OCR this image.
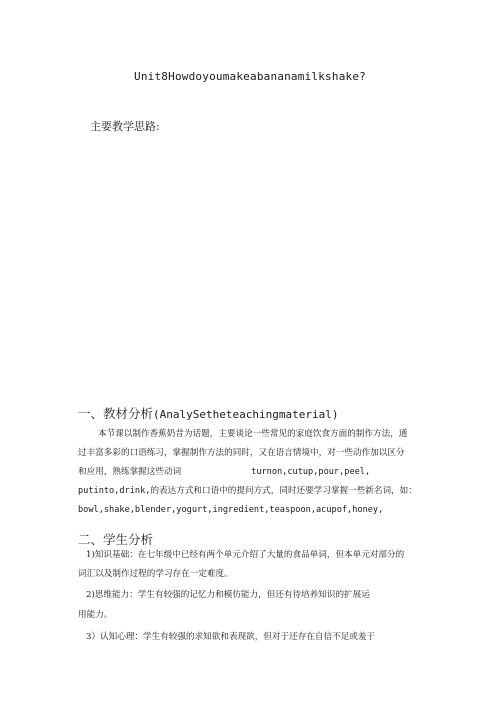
Unit8Howdoyoumakeabananamilkshake?
主要教学思路:
一、教材分析(AnalySetheteachingmaterial)
本节课以制作香蕉奶昔为话题，主要谈论一些常见的家庭饮食方面的制作方法，通
过丰富多彩的口语练习，掌握制作方法的同时，又在语言情境中，对一些动作加以区分
和应用，熟练掌握这些动词	turnon,cutup,pour,peel,
putinto,drink,的表达方式和口语中的提问方式，同时还要学习掌握一些新名词，如：
bowl,shake,blender,yogurt,ingredient,teaspoon,acupof,honey,
二、学生分析
1)知识基础：在七年级中已经有两个单元介绍了大量的食品单词，但本单元对部分的
词汇以及制作过程的学习存在一定难度。
2)思维能力：学生有较强的记忆力和模仿能力，但还有待培养知识的扩展运
用能力。
3）认知心理：学生有较强的求知欲和表现欲，但对于还存在自信不足或羞于
